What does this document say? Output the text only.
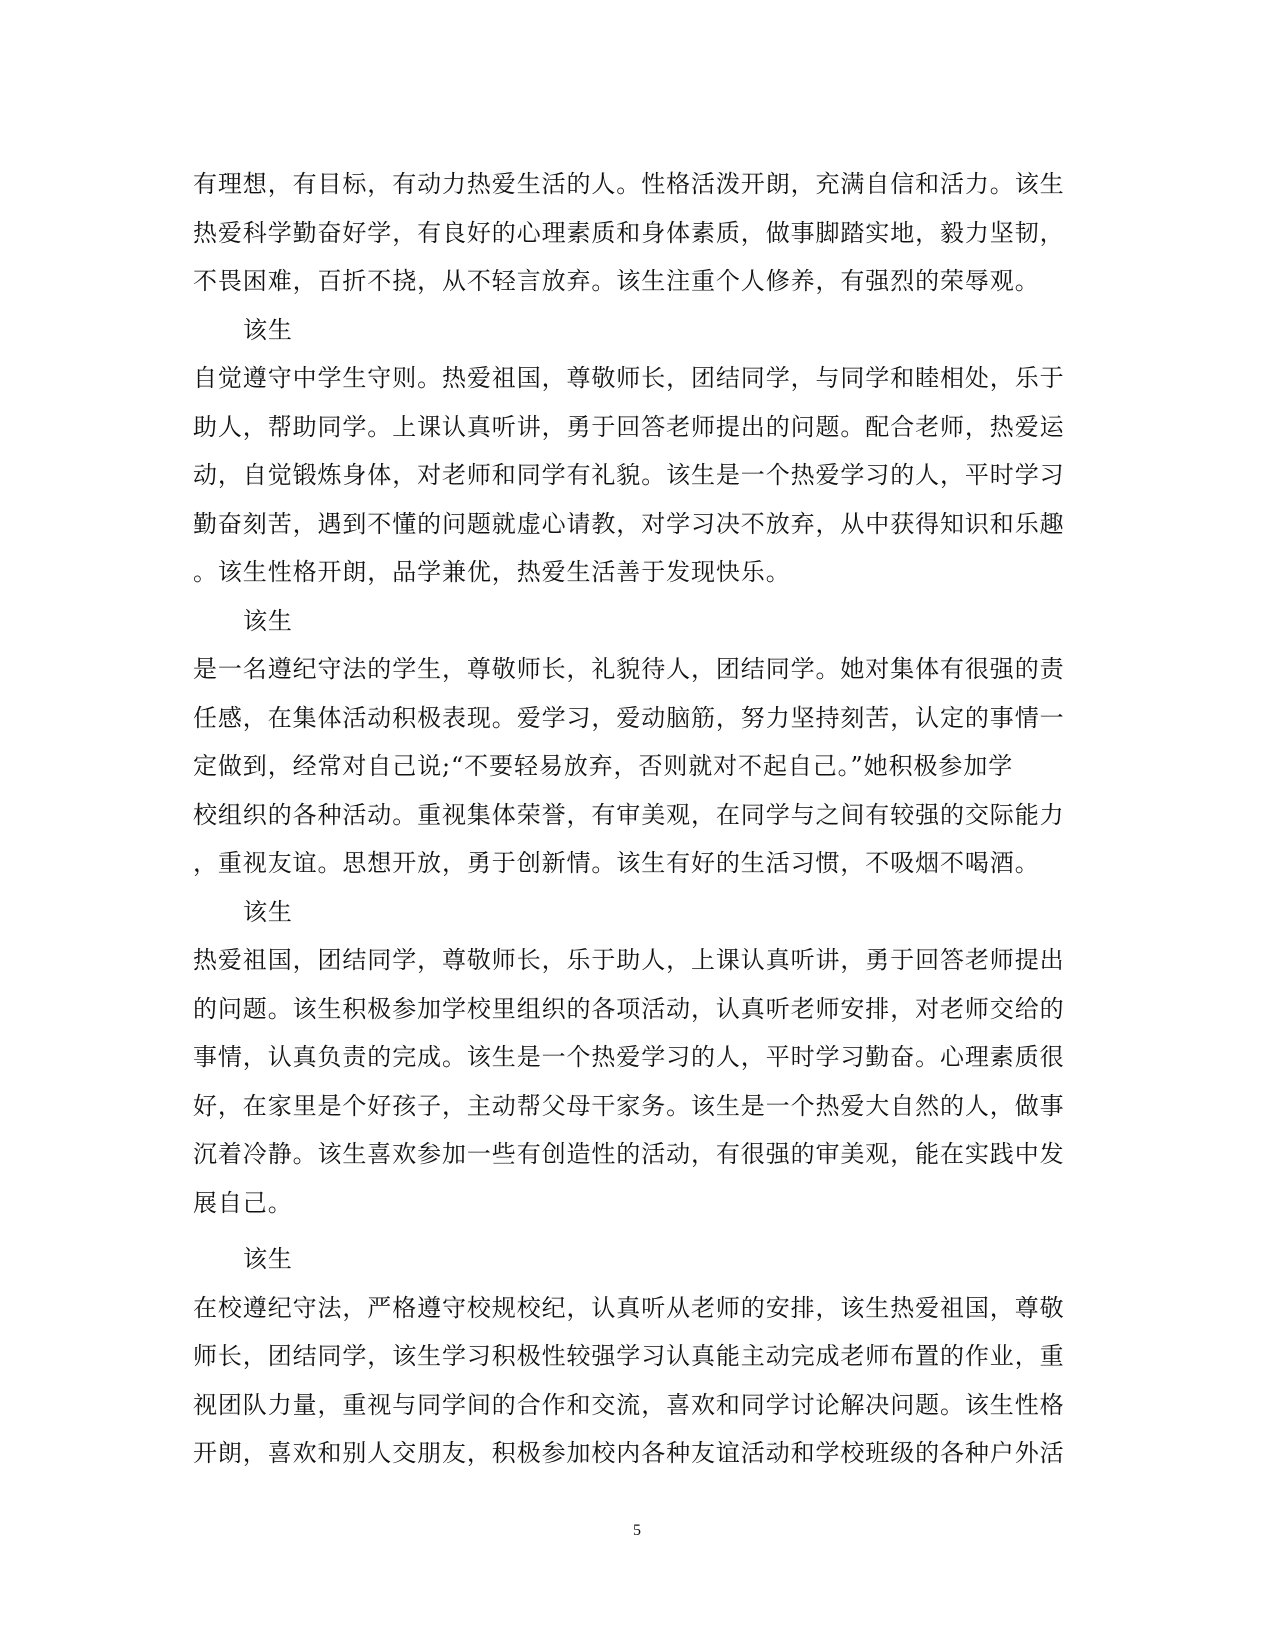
有理想，有目标，有动力热爱生活的人。性格活泼开朗，充满自信和活力。该生
热爱科学勤奋好学，有良好的心理素质和身体素质，做事脚踏实地，毅力坚韧，
不畏困难，百折不挠，从不轻言放弃。该生注重个人修养，有强烈的荣辱观。
该生
自觉遵守中学生守则。热爱祖国，尊敬师长，团结同学，与同学和睦相处，乐于
助人，帮助同学。上课认真听讲，勇于回答老师提出的问题。配合老师，热爱运
动，自觉锻炼身体，对老师和同学有礼貌。该生是一个热爱学习的人，平时学习
勤奋刻苦，遇到不懂的问题就虚心请教，对学习决不放弃，从中获得知识和乐趣
。该生性格开朗，品学兼优，热爱生活善于发现快乐。
该生
是一名遵纪守法的学生，尊敬师长，礼貌待人，团结同学。她对集体有很强的责
任感，在集体活动积极表现。爱学习，爱动脑筋，努力坚持刻苦，认定的事情一
定做到，经常对自己说;“不要轻易放弃，否则就对不起自己。”她积极参加学
校组织的各种活动。重视集体荣誉，有审美观，在同学与之间有较强的交际能力
，重视友谊。思想开放，勇于创新情。该生有好的生活习惯，不吸烟不喝酒。
该生
热爱祖国，团结同学，尊敬师长，乐于助人，上课认真听讲，勇于回答老师提出
的问题。该生积极参加学校里组织的各项活动，认真听老师安排，对老师交给的
事情，认真负责的完成。该生是一个热爱学习的人，平时学习勤奋。心理素质很
好，在家里是个好孩子，主动帮父母干家务。该生是一个热爱大自然的人，做事
沉着冷静。该生喜欢参加一些有创造性的活动，有很强的审美观，能在实践中发
展自己。
该生
在校遵纪守法，严格遵守校规校纪，认真听从老师的安排，该生热爱祖国，尊敬
师长，团结同学，该生学习积极性较强学习认真能主动完成老师布置的作业，重
视团队力量，重视与同学间的合作和交流，喜欢和同学讨论解决问题。该生性格
开朗，喜欢和别人交朋友，积极参加校内各种友谊活动和学校班级的各种户外活
5
